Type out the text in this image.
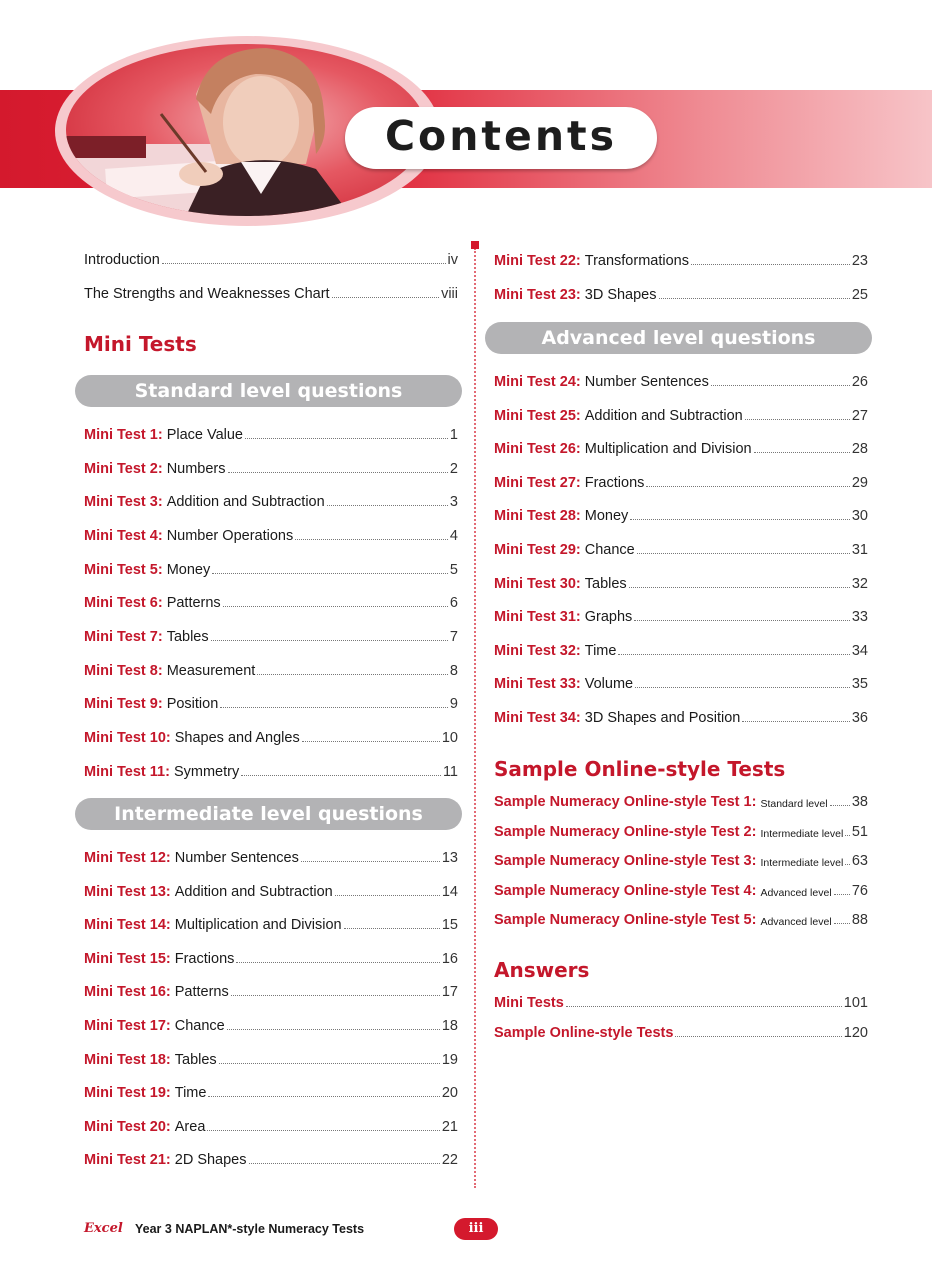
Contents
Introduction	iv
The Strengths and Weaknesses Chart	viii
Mini Tests
Standard level questions
Mini Test 1: Place Value	1
Mini Test 2: Numbers	2
Mini Test 3: Addition and Subtraction	3
Mini Test 4: Number Operations	4
Mini Test 5: Money	5
Mini Test 6: Patterns	6
Mini Test 7: Tables	7
Mini Test 8: Measurement	8
Mini Test 9: Position	9
Mini Test 10: Shapes and Angles	10
Mini Test 11: Symmetry	11
Intermediate level questions
Mini Test 12: Number Sentences	13
Mini Test 13: Addition and Subtraction	14
Mini Test 14: Multiplication and Division	15
Mini Test 15: Fractions	16
Mini Test 16: Patterns	17
Mini Test 17: Chance	18
Mini Test 18: Tables	19
Mini Test 19: Time	20
Mini Test 20: Area	21
Mini Test 21: 2D Shapes	22
Mini Test 22: Transformations	23
Mini Test 23: 3D Shapes	25
Advanced level questions
Mini Test 24: Number Sentences	26
Mini Test 25: Addition and Subtraction	27
Mini Test 26: Multiplication and Division	28
Mini Test 27: Fractions	29
Mini Test 28: Money	30
Mini Test 29: Chance	31
Mini Test 30: Tables	32
Mini Test 31: Graphs	33
Mini Test 32: Time	34
Mini Test 33: Volume	35
Mini Test 34: 3D Shapes and Position	36
Sample Online-style Tests
Sample Numeracy Online-style Test 1: Standard level 38
Sample Numeracy Online-style Test 2: Intermediate level 51
Sample Numeracy Online-style Test 3: Intermediate level 63
Sample Numeracy Online-style Test 4: Advanced level 76
Sample Numeracy Online-style Test 5: Advanced level 88
Answers
Mini Tests	101
Sample Online-style Tests	120
Excel Year 3 NAPLAN*-style Numeracy Tests	iii
